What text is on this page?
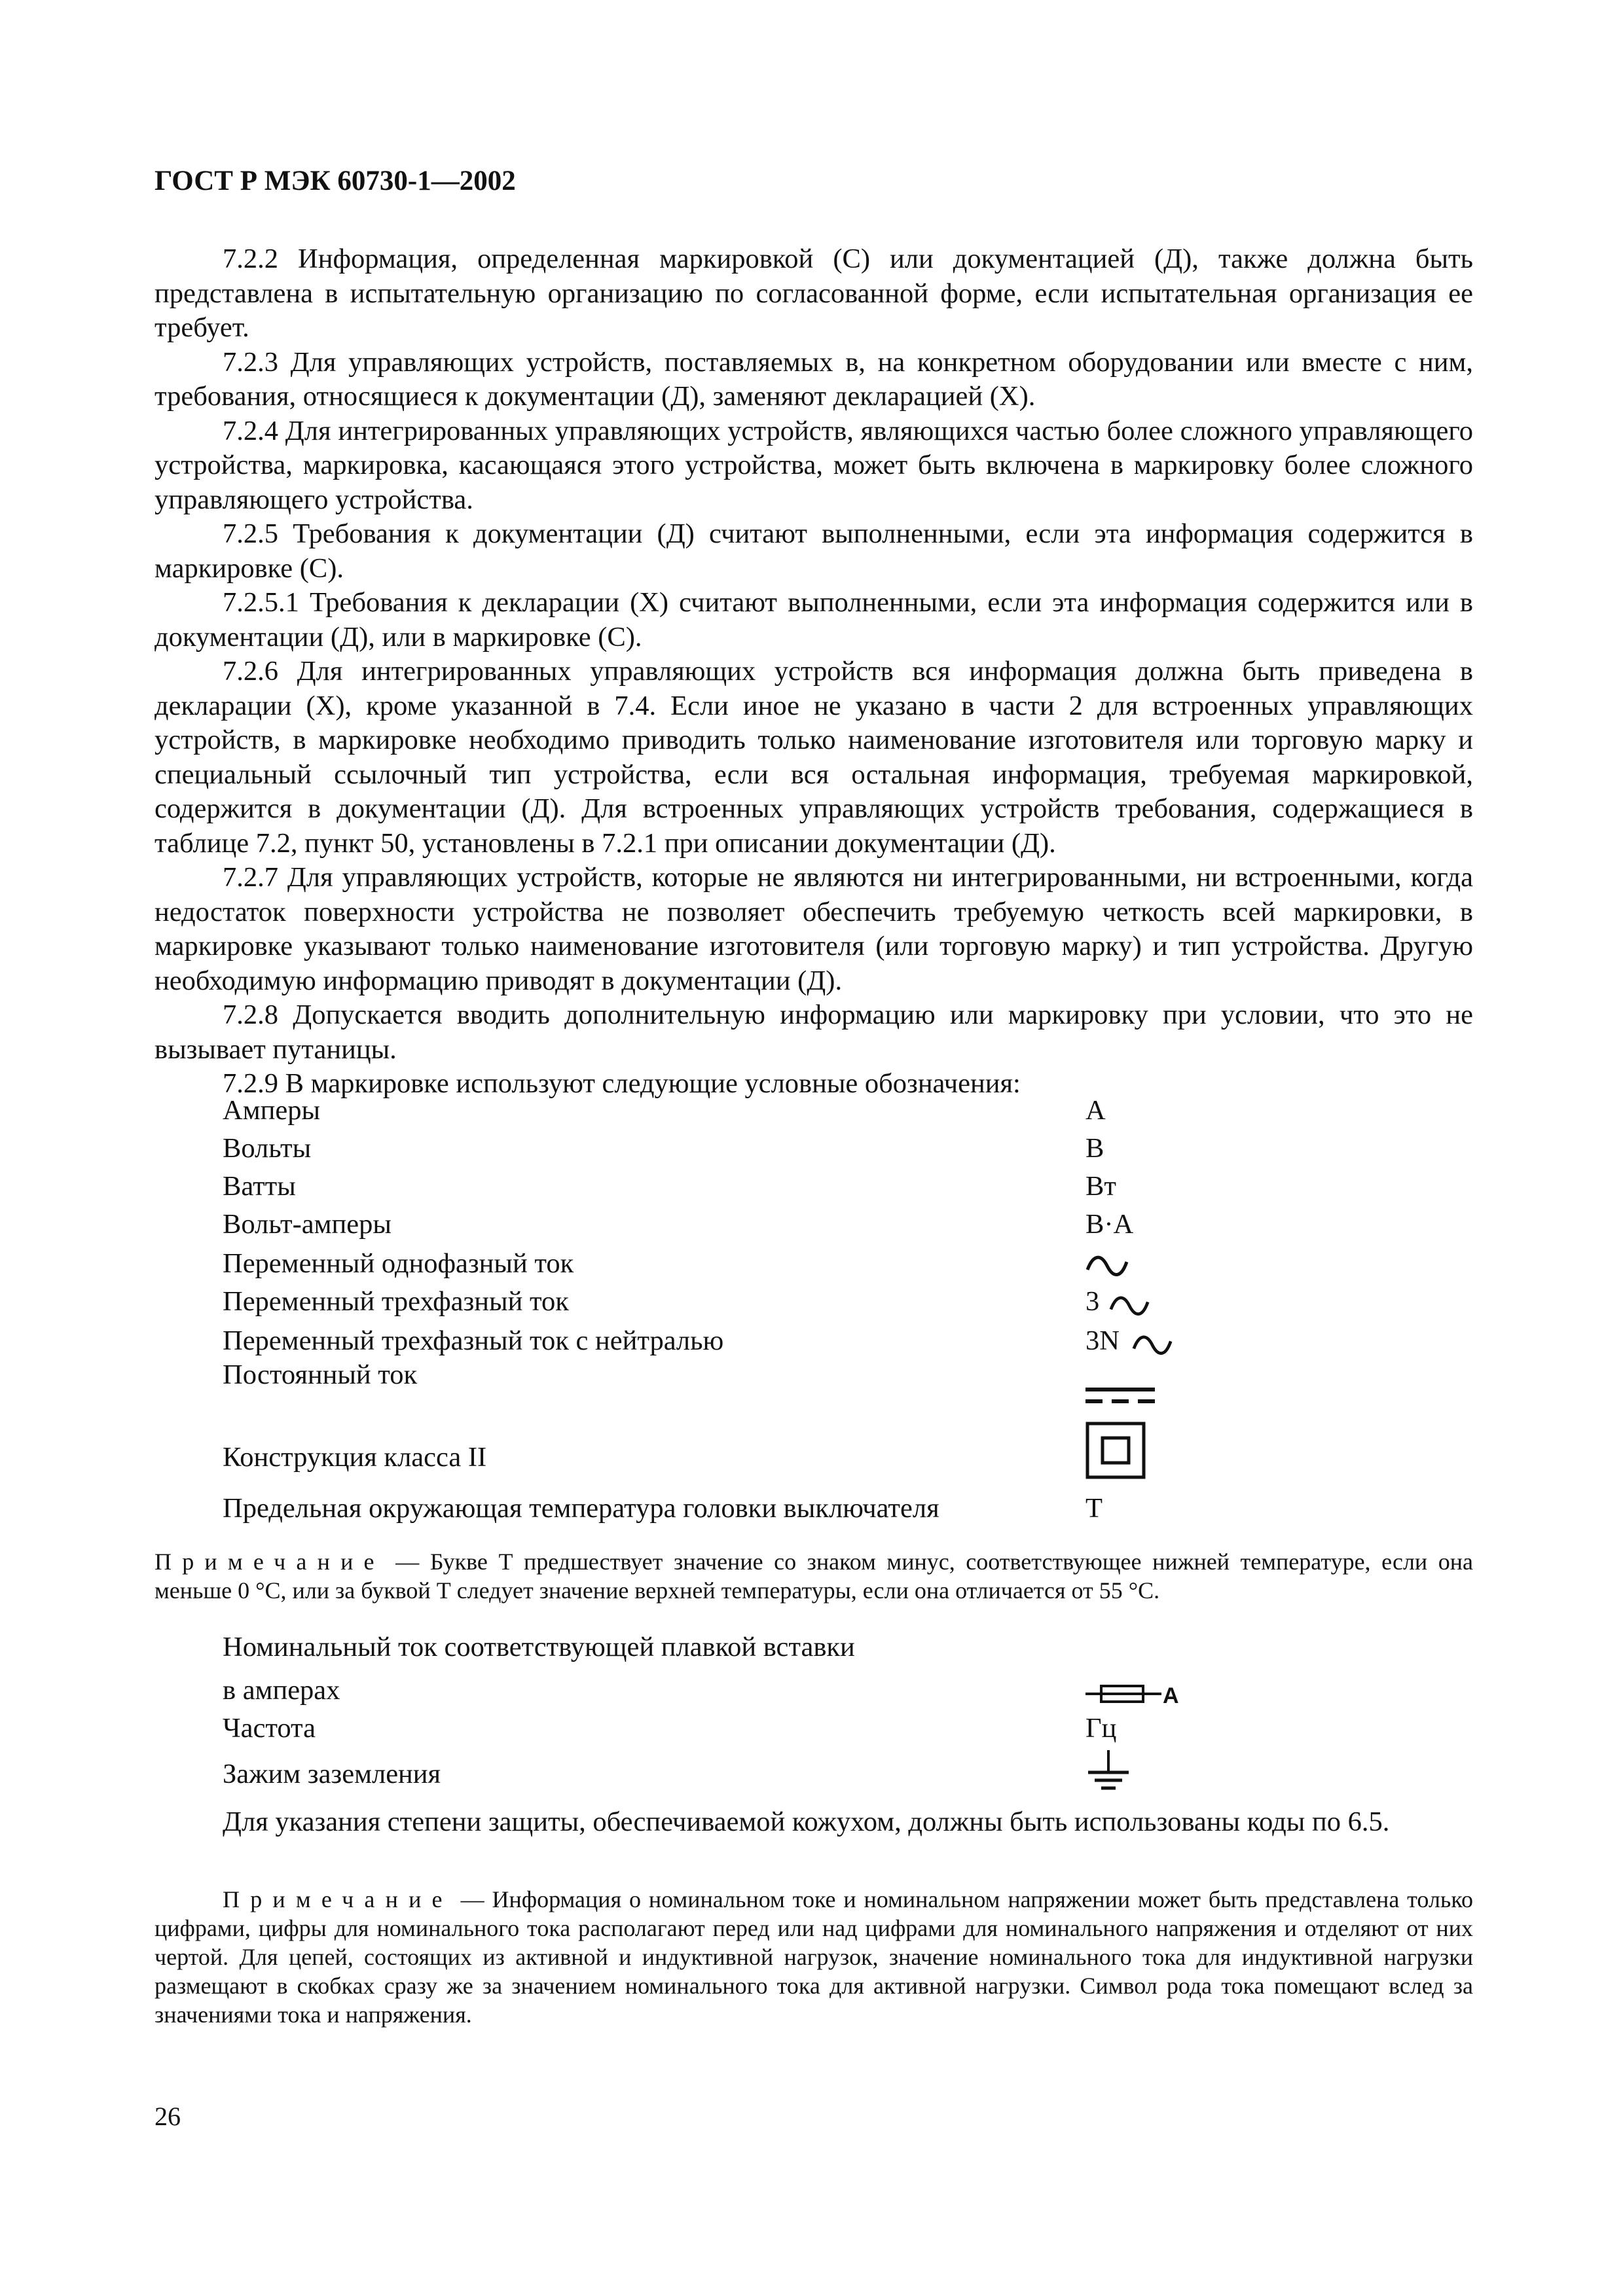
ГОСТ Р МЭК 60730-1—2002

7.2.2 Информация, определенная маркировкой (С) или документацией (Д), также должна быть представлена в испытательную организацию по согласованной форме, если испытательная организация ее требует.

7.2.3 Для управляющих устройств, поставляемых в, на конкретном оборудовании или вместе с ним, требования, относящиеся к документации (Д), заменяют декларацией (Х).

7.2.4 Для интегрированных управляющих устройств, являющихся частью более сложного управляющего устройства, маркировка, касающаяся этого устройства, может быть включена в маркировку более сложного управляющего устройства.

7.2.5 Требования к документации (Д) считают выполненными, если эта информация содержится в маркировке (С).

7.2.5.1 Требования к декларации (Х) считают выполненными, если эта информация содержится или в документации (Д), или в маркировке (С).

7.2.6 Для интегрированных управляющих устройств вся информация должна быть приведена в декларации (Х), кроме указанной в 7.4. Если иное не указано в части 2 для встроенных управляющих устройств, в маркировке необходимо приводить только наименование изготовителя или торговую марку и специальный ссылочный тип устройства, если вся остальная информация, требуемая маркировкой, содержится в документации (Д). Для встроенных управляющих устройств требования, содержащиеся в таблице 7.2, пункт 50, установлены в 7.2.1 при описании документации (Д).

7.2.7 Для управляющих устройств, которые не являются ни интегрированными, ни встроенными, когда недостаток поверхности устройства не позволяет обеспечить требуемую четкость всей маркировки, в маркировке указывают только наименование изготовителя (или торговую марку) и тип устройства. Другую необходимую информацию приводят в документации (Д).

7.2.8 Допускается вводить дополнительную информацию или маркировку при условии, что это не вызывает путаницы.

7.2.9 В маркировке используют следующие условные обозначения:

Амперы	A
Вольты	B
Ватты	Вт
Вольт-амперы	B·A
Переменный однофазный ток
Переменный трехфазный ток	3
Переменный трехфазный ток с нейтралью	3N
Постоянный ток
Конструкция класса II
Предельная окружающая температура головки выключателя	T

Примечание — Букве Т предшествует значение со знаком минус, соответствующее нижней температуре, если она меньше 0 °С, или за буквой Т следует значение верхней температуры, если она отличается от 55 °С.

Номинальный ток соответствующей плавкой вставки
в амперах	A
Частота	Гц
Зажим заземления

Для указания степени защиты, обеспечиваемой кожухом, должны быть использованы коды по 6.5.

Примечание — Информация о номинальном токе и номинальном напряжении может быть представлена только цифрами, цифры для номинального тока располагают перед или над цифрами для номинального напряжения и отделяют от них чертой. Для цепей, состоящих из активной и индуктивной нагрузок, значение номинального тока для индуктивной нагрузки размещают в скобках сразу же за значением номинального тока для активной нагрузки. Символ рода тока помещают вслед за значениями тока и напряжения.

26
